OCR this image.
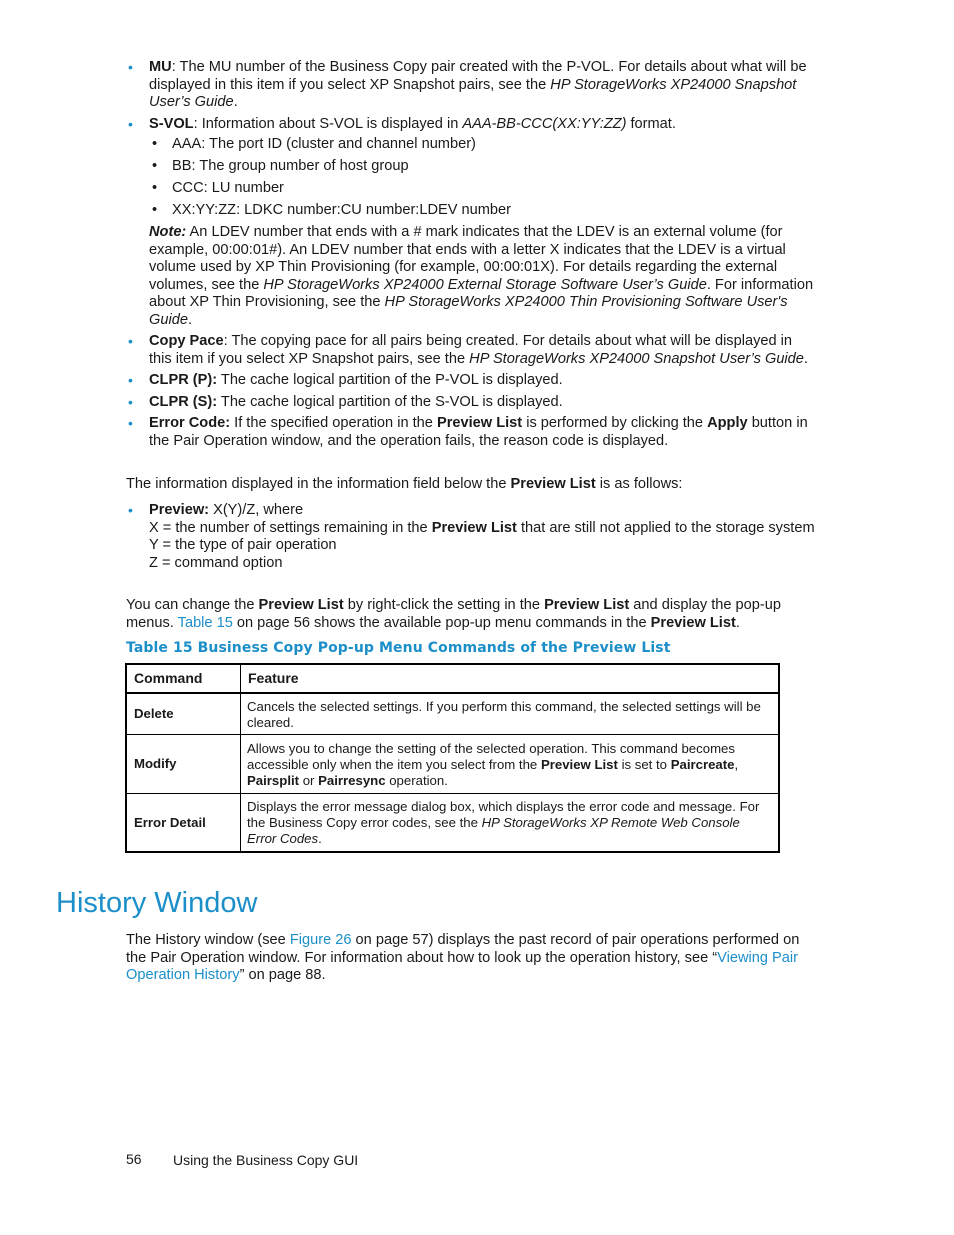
• MU: The MU number of the Business Copy pair created with the P-VOL. For details about what will be displayed in this item if you select XP Snapshot pairs, see the HP StorageWorks XP24000 Snapshot User’s Guide.
• S-VOL: Information about S-VOL is displayed in AAA-BB-CCC(XX:YY:ZZ) format.
• AAA: The port ID (cluster and channel number)
• BB: The group number of host group
• CCC: LU number
• XX:YY:ZZ: LDKC number:CU number:LDEV number
Note: An LDEV number that ends with a # mark indicates that the LDEV is an external volume (for example, 00:00:01#). An LDEV number that ends with a letter X indicates that the LDEV is a virtual volume used by XP Thin Provisioning (for example, 00:00:01X). For details regarding the external volumes, see the HP StorageWorks XP24000 External Storage Software User’s Guide. For information about XP Thin Provisioning, see the HP StorageWorks XP24000 Thin Provisioning Software User's Guide.
• Copy Pace: The copying pace for all pairs being created. For details about what will be displayed in this item if you select XP Snapshot pairs, see the HP StorageWorks XP24000 Snapshot User’s Guide.
• CLPR (P): The cache logical partition of the P-VOL is displayed.
• CLPR (S): The cache logical partition of the S-VOL is displayed.
• Error Code: If the specified operation in the Preview List is performed by clicking the Apply button in the Pair Operation window, and the operation fails, the reason code is displayed.

The information displayed in the information field below the Preview List is as follows:

• Preview: X(Y)/Z, where
X = the number of settings remaining in the Preview List that are still not applied to the storage system
Y = the type of pair operation
Z = command option

You can change the Preview List by right-click the setting in the Preview List and display the pop-up menus. Table 15 on page 56 shows the available pop-up menu commands in the Preview List.

Table 15 Business Copy Pop-up Menu Commands of the Preview List

Command	Feature
Delete	Cancels the selected settings. If you perform this command, the selected settings will be cleared.
Modify	Allows you to change the setting of the selected operation. This command becomes accessible only when the item you select from the Preview List is set to Paircreate, Pairsplit or Pairresync operation.
Error Detail	Displays the error message dialog box, which displays the error code and message. For the Business Copy error codes, see the HP StorageWorks XP Remote Web Console Error Codes.
History Window

The History window (see Figure 26 on page 57) displays the past record of pair operations performed on the Pair Operation window. For information about how to look up the operation history, see “Viewing Pair Operation History” on page 88.

56 Using the Business Copy GUI
